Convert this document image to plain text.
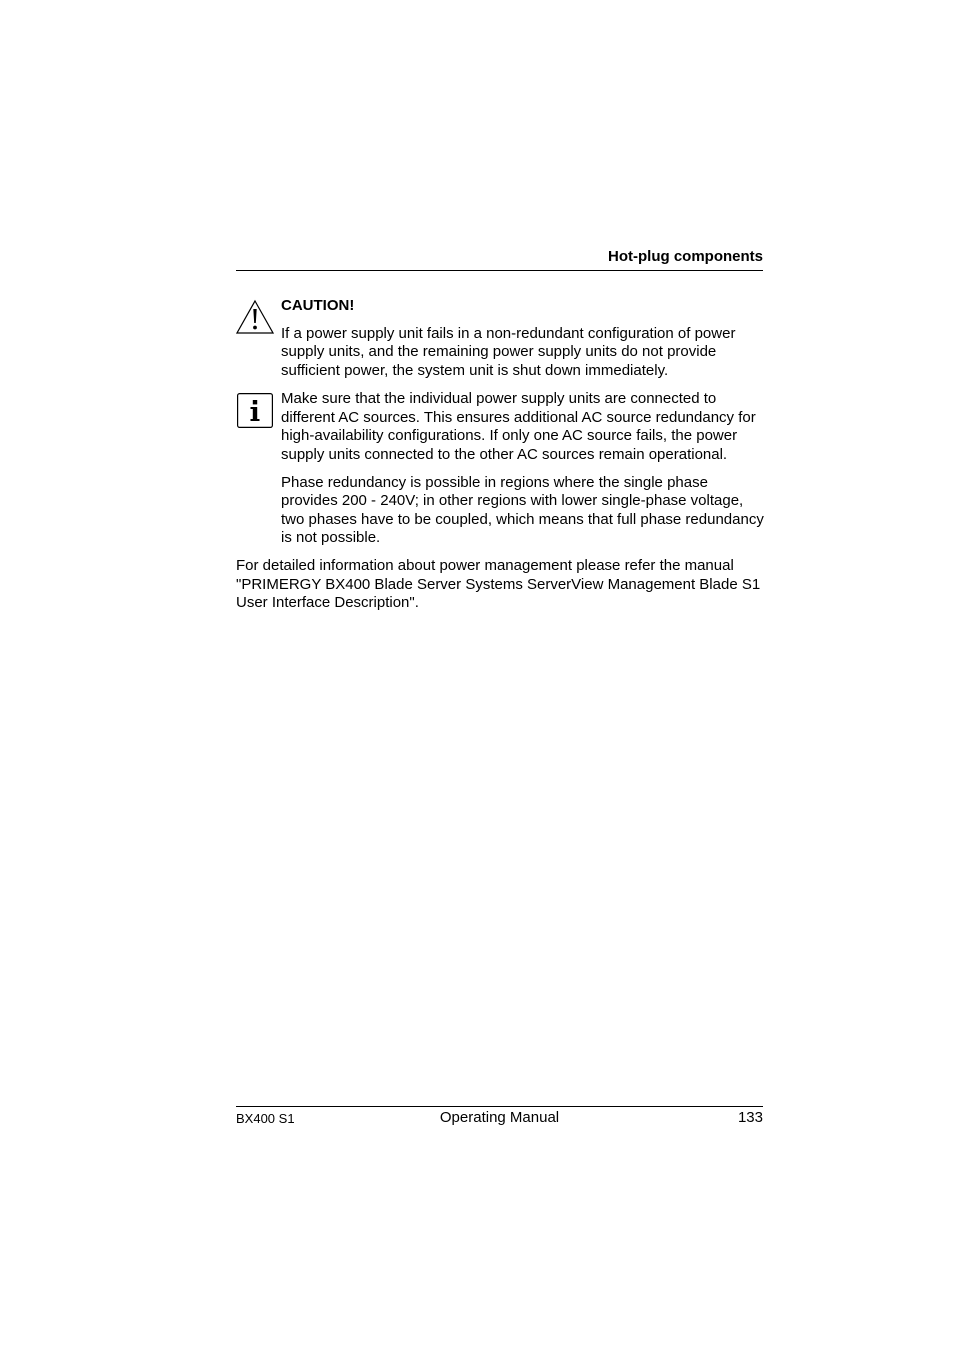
Hot-plug components

CAUTION!

If a power supply unit fails in a non-redundant configuration of power supply units, and the remaining power supply units do not provide sufficient power, the system unit is shut down immediately.

Make sure that the individual power supply units are connected to different AC sources. This ensures additional AC source redundancy for high-availability configurations. If only one AC source fails, the power supply units connected to the other AC sources remain operational.

Phase redundancy is possible in regions where the single phase provides 200 - 240V; in other regions with lower single-phase voltage, two phases have to be coupled, which means that full phase redundancy is not possible.

For detailed information about power management please refer the manual "PRIMERGY BX400 Blade Server Systems ServerView Management Blade S1 User Interface Description".

BX400 S1	Operating Manual	133
